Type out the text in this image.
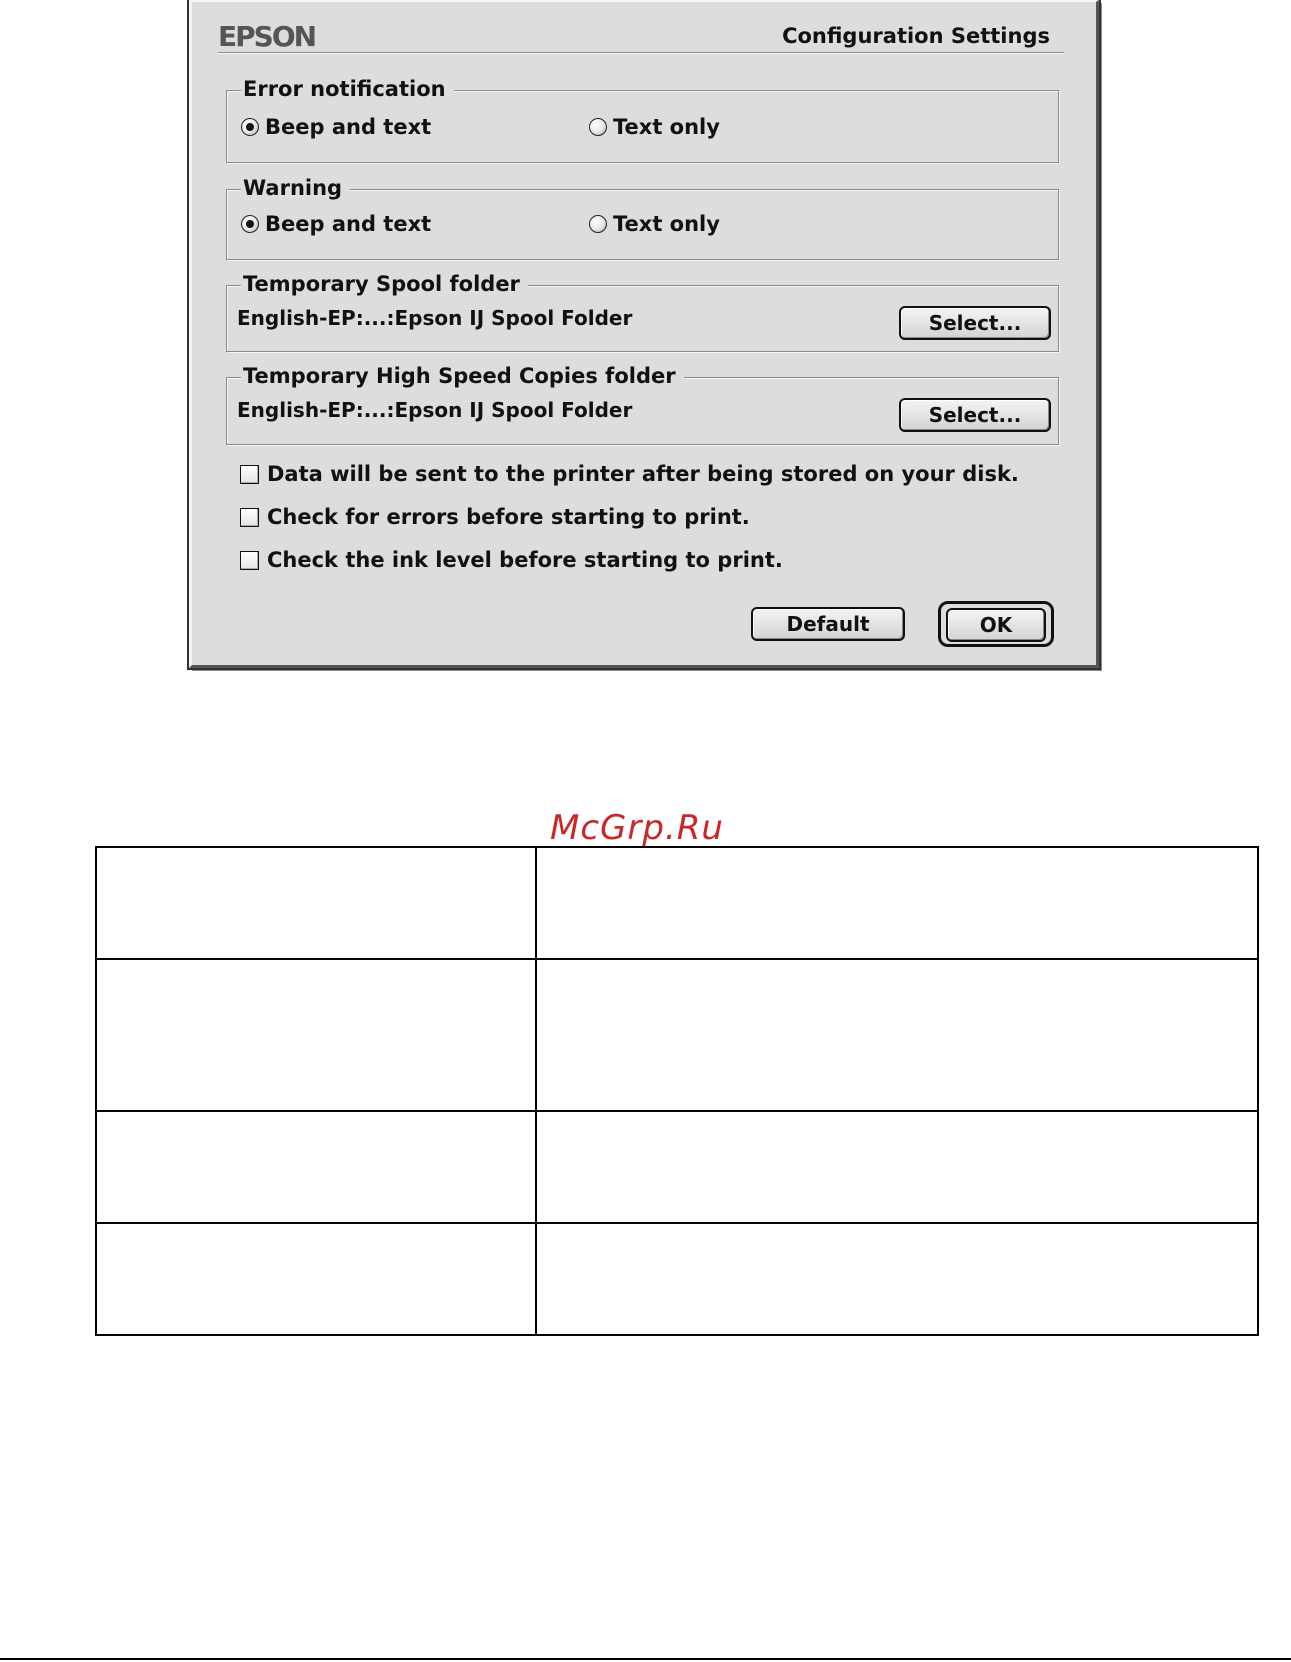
EPSON	Configuration Settings
Error notification
Beep and text	Text only
Warning
Beep and text	Text only
Temporary Spool folder
English-EP:...:Epson IJ Spool Folder	Select...
Temporary High Speed Copies folder
English-EP:...:Epson IJ Spool Folder	Select...
Data will be sent to the printer after being stored on your disk.
Check for errors before starting to print.
Check the ink level before starting to print.
Default	OK
McGrp.Ru
